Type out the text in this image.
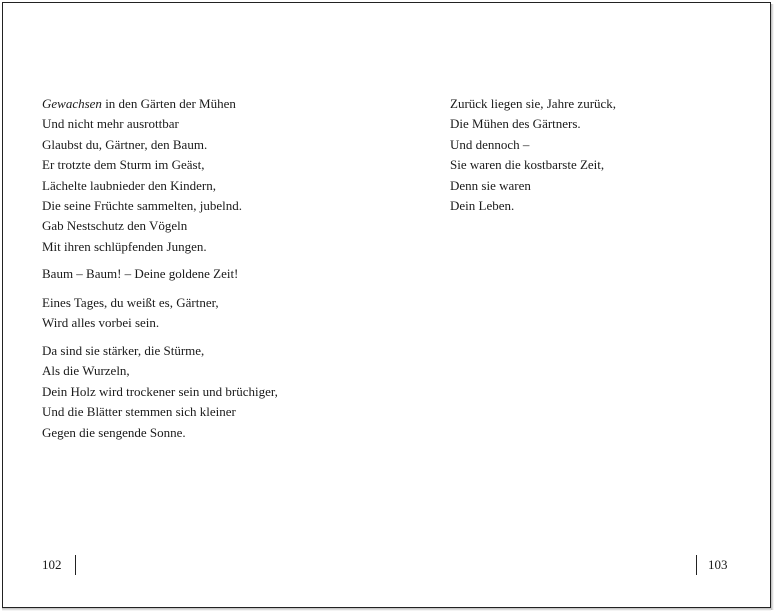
Gewachsen in den Gärten der Mühen
Und nicht mehr ausrottbar
Glaubst du, Gärtner, den Baum.
Er trotzte dem Sturm im Geäst,
Lächelte laubnieder den Kindern,
Die seine Früchte sammelten, jubelnd.
Gab Nestschutz den Vögeln
Mit ihren schlüpfenden Jungen.
Baum – Baum! – Deine goldene Zeit!
Eines Tages, du weißt es, Gärtner,
Wird alles vorbei sein.
Da sind sie stärker, die Stürme,
Als die Wurzeln,
Dein Holz wird trockener sein und brüchiger,
Und die Blätter stemmen sich kleiner
Gegen die sengende Sonne.
Zurück liegen sie, Jahre zurück,
Die Mühen des Gärtners.
Und dennoch –
Sie waren die kostbarste Zeit,
Denn sie waren
Dein Leben.
102	103
